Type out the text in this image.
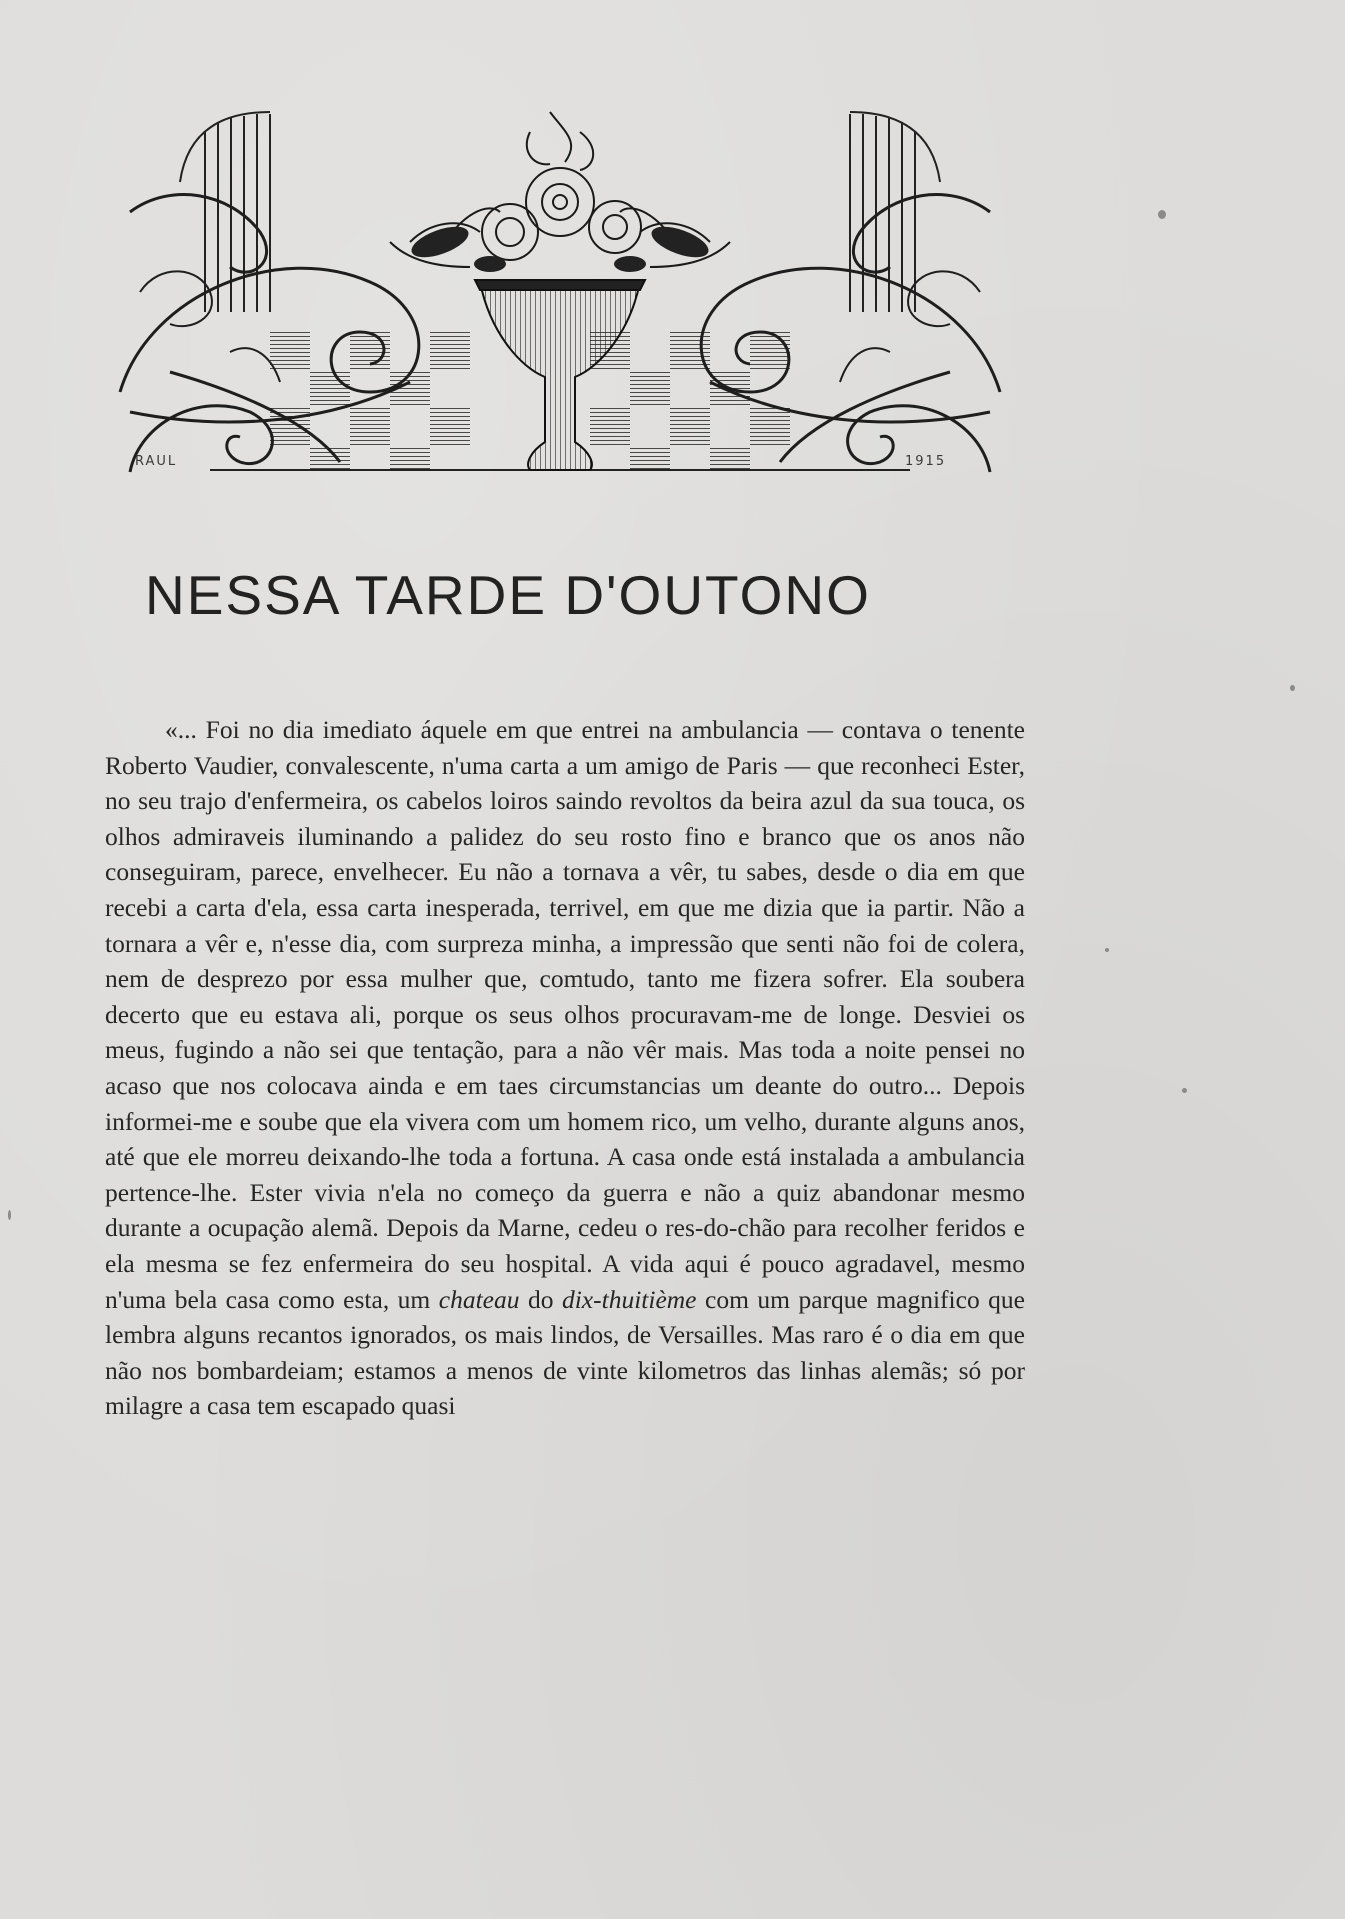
RAUL	1915
NESSA TARDE D'OUTONO

«... Foi no dia imediato áquele em que entrei na ambulancia — contava o tenente Roberto Vaudier, convalescente, n'uma carta a um amigo de Paris — que reconheci Ester, no seu trajo d'enfermeira, os cabelos loiros saindo revoltos da beira azul da sua touca, os olhos admiraveis iluminando a palidez do seu rosto fino e branco que os anos não conseguiram, parece, envelhecer. Eu não a tornava a vêr, tu sabes, desde o dia em que recebi a carta d'ela, essa carta inesperada, terrivel, em que me dizia que ia partir. Não a tornara a vêr e, n'esse dia, com surpreza minha, a impressão que senti não foi de colera, nem de desprezo por essa mulher que, comtudo, tanto me fizera sofrer. Ela soubera decerto que eu estava ali, porque os seus olhos procuravam-me de longe. Desviei os meus, fugindo a não sei que tentação, para a não vêr mais. Mas toda a noite pensei no acaso que nos colocava ainda e em taes circumstancias um deante do outro... Depois informei-me e soube que ela vivera com um homem rico, um velho, durante alguns anos, até que ele morreu deixando-lhe toda a fortuna. A casa onde está instalada a ambulancia pertence-lhe. Ester vivia n'ela no começo da guerra e não a quiz abandonar mesmo durante a ocupação alemã. Depois da Marne, cedeu o res-do-chão para recolher feridos e ela mesma se fez enfermeira do seu hospital. A vida aqui é pouco agradavel, mesmo n'uma bela casa como esta, um chateau do dix-thuitième com um parque magnifico que lembra alguns recantos ignorados, os mais lindos, de Versailles. Mas raro é o dia em que não nos bombardeiam; estamos a menos de vinte kilometros das linhas alemãs; só por milagre a casa tem escapado quasi
